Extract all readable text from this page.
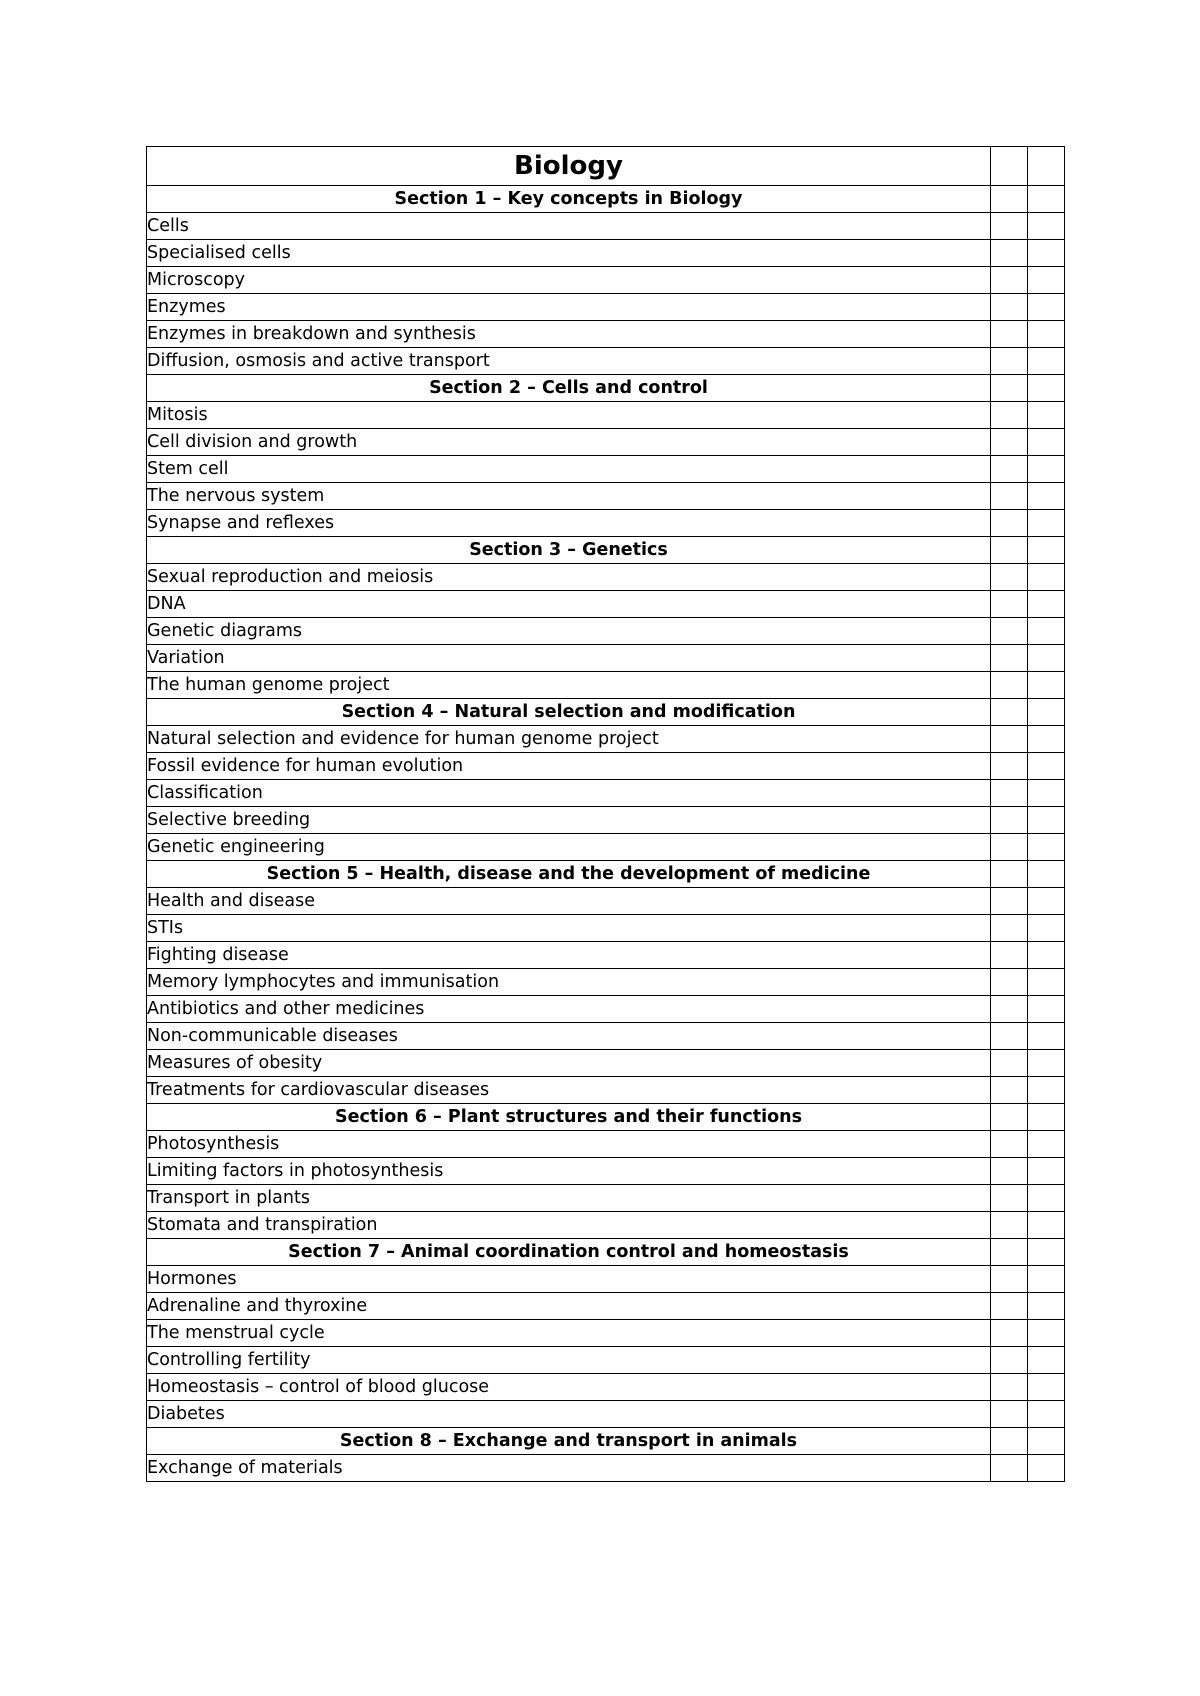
Biology		
Section 1 – Key concepts in Biology		
Cells		
Specialised cells		
Microscopy		
Enzymes		
Enzymes in breakdown and synthesis		
Diffusion, osmosis and active transport		
Section 2 – Cells and control		
Mitosis		
Cell division and growth		
Stem cell		
The nervous system		
Synapse and reflexes		
Section 3 – Genetics		
Sexual reproduction and meiosis		
DNA		
Genetic diagrams		
Variation		
The human genome project		
Section 4 – Natural selection and modification		
Natural selection and evidence for human genome project		
Fossil evidence for human evolution		
Classification		
Selective breeding		
Genetic engineering		
Section 5 – Health, disease and the development of medicine		
Health and disease		
STIs		
Fighting disease		
Memory lymphocytes and immunisation		
Antibiotics and other medicines		
Non-communicable diseases		
Measures of obesity		
Treatments for cardiovascular diseases		
Section 6 – Plant structures and their functions		
Photosynthesis		
Limiting factors in photosynthesis		
Transport in plants		
Stomata and transpiration		
Section 7 – Animal coordination control and homeostasis		
Hormones		
Adrenaline and thyroxine		
The menstrual cycle		
Controlling fertility		
Homeostasis – control of blood glucose		
Diabetes		
Section 8 – Exchange and transport in animals		
Exchange of materials		
